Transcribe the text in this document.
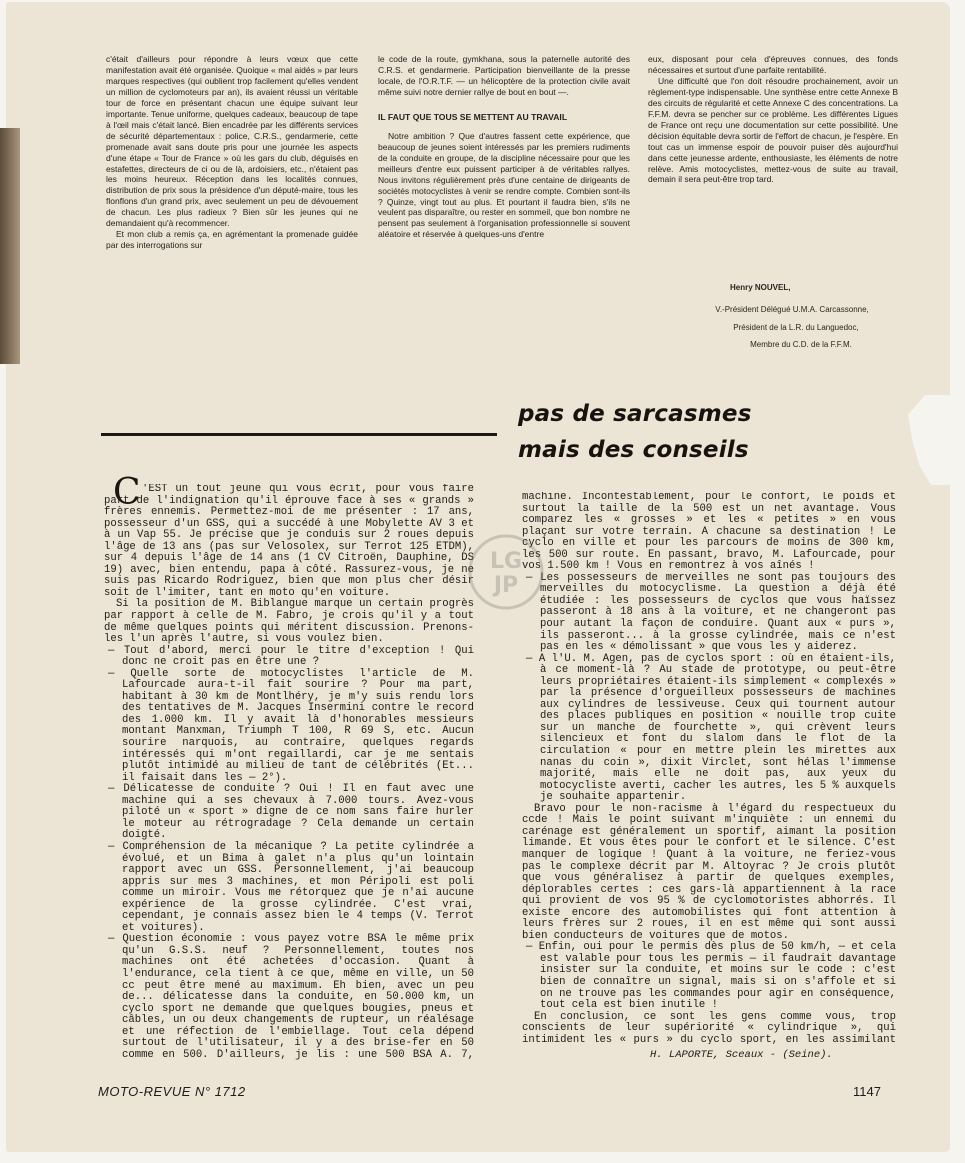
c'était d'ailleurs pour répondre à leurs vœux que cette manifestation avait été organisée. Quoique « mal aidés » par leurs marques respectives (qui oublient trop facilement qu'elles vendent un million de cyclomoteurs par an), ils avaient réussi un véritable tour de force en présentant chacun une équipe suivant leur importante. Tenue uniforme, quelques cadeaux, beaucoup de tape à l'œil mais c'était lancé. Bien encadrée par les différents services de sécurité départementaux : police, C.R.S., gendarmerie, cette promenade avait sans doute pris pour une journée les aspects d'une étape « Tour de France » où les gars du club, déguisés en estafettes, directeurs de ci ou de là, ardoisiers, etc., n'étaient pas les moins heureux. Réception dans les localités connues, distribution de prix sous la présidence d'un député-maire, tous les flonflons d'un grand prix, avec seulement un peu de dévouement de chacun. Les plus radieux ? Bien sûr les jeunes qui ne demandaient qu'à recommencer.

Et mon club a remis ça, en agrémentant la promenade guidée par des interrogations sur

le code de la route, gymkhana, sous la paternelle autorité des C.R.S. et gendarmerie. Participation bienveillante de la presse locale, de l'O.R.T.F. — un hélicoptère de la protection civile avait même suivi notre dernier rallye de bout en bout —.

IL FAUT QUE TOUS SE METTENT AU TRAVAIL

Notre ambition ? Que d'autres fassent cette expérience, que beaucoup de jeunes soient intéressés par les premiers rudiments de la conduite en groupe, de la discipline nécessaire pour que les meilleurs d'entre eux puissent participer à de véritables rallyes. Nous invitons régulièrement près d'une centaine de dirigeants de sociétés motocyclistes à venir se rendre compte. Combien sont-ils ? Quinze, vingt tout au plus. Et pourtant il faudra bien, s'ils ne veulent pas disparaître, ou rester en sommeil, que bon nombre ne pensent pas seulement à l'organisation professionnelle si souvent aléatoire et réservée à quelques-uns d'entre

eux, disposant pour cela d'épreuves connues, des fonds nécessaires et surtout d'une parfaite rentabilité.

Une difficulté que l'on doit résoudre prochainement, avoir un règlement-type indispensable. Une synthèse entre cette Annexe B des circuits de régularité et cette Annexe C des concentrations. La F.F.M. devra se pencher sur ce problème. Les différentes Ligues de France ont reçu une documentation sur cette possibilité. Une décision équitable devra sortir de l'effort de chacun, je l'espère. En tout cas un immense espoir de pouvoir puiser dès aujourd'hui dans cette jeunesse ardente, enthousiaste, les éléments de notre relève. Amis motocyclistes, mettez-vous de suite au travail, demain il sera peut-être trop tard.

Henry NOUVEL,
V.-Président Délégué U.M.A. Carcassonne,
Président de la L.R. du Languedoc,
Membre du C.D. de la F.F.M.
pas de sarcasmes
mais des conseils
C 'EST un tout jeune qui vous écrit, pour vous faire part de l'indignation qu'il éprouve face à ses « grands » frères ennemis. Permettez-moi de me présenter : 17 ans, possesseur d'un GSS, qui a succédé à une Mobylette AV 3 et à un Vap 55. Je précise que je conduis sur 2 roues depuis l'âge de 13 ans (pas sur Velosolex, sur Terrot 125 ETDM), sur 4 depuis l'âge de 14 ans (1 CV Citroën, Dauphine, DS 19) avec, bien entendu, papa à côté. Rassurez-vous, je ne suis pas Ricardo Rodriguez, bien que mon plus cher désir soit de l'imiter, tant en moto qu'en voiture.

Si la position de M. Biblangue marque un certain progrès par rapport à celle de M. Fabro, je crois qu'il y a tout de même quelques points qui méritent discussion. Prenons-les l'un après l'autre, si vous voulez bien.

— Tout d'abord, merci pour le titre d'exception ! Qui donc ne croit pas en être une ?

— Quelle sorte de motocyclistes l'article de M. Lafourcade aura-t-il fait sourire ? Pour ma part, habitant à 30 km de Montlhéry, je m'y suis rendu lors des tentatives de M. Jacques Insermini contre le record des 1.000 km. Il y avait là d'honorables messieurs montant Manxman, Triumph T 100, R 69 S, etc. Aucun sourire narquois, au contraire, quelques regards intéressés qui m'ont regaillardi, car je me sentais plutôt intimidé au milieu de tant de célébrités (Et... il faisait dans les — 2°).

— Délicatesse de conduite ? Oui ! Il en faut avec une machine qui a ses chevaux à 7.000 tours. Avez-vous piloté un « sport » digne de ce nom sans faire hurler le moteur au rétrogradage ? Cela demande un certain doigté.

— Compréhension de la mécanique ? La petite cylindrée a évolué, et un Bima à galet n'a plus qu'un lointain rapport avec un GSS. Personnellement, j'ai beaucoup appris sur mes 3 machines, et mon Péripoli est poli comme un miroir. Vous me rétorquez que je n'ai aucune expérience de la grosse cylindrée. C'est vrai, cependant, je connais assez bien le 4 temps (V. Terrot et voitures).

— Question économie : vous payez votre BSA le même prix qu'un G.S.S. neuf ? Personnellement, toutes nos machines ont été achetées d'occasion. Quant à l'endurance, cela tient à ce que, même en ville, un 50 cc peut être mené au maximum. Eh bien, avec un peu de... délicatesse dans la conduite, en 50.000 km, un cyclo sport ne demande que quelques bougies, pneus et câbles, un ou deux changements de rupteur, un réalésage et une réfection de l'embiellage. Tout cela dépend surtout de l'utilisateur, il y a des brise-fer en 50 comme en 500. D'ailleurs, je lis : une 500 BSA A. 7,

machine. Incontestablement, pour le confort, le poids et surtout la taille de la 500 est un net avantage. Vous comparez les « grosses » et les « petites » en vous plaçant sur votre terrain. A chacune sa destination ! Le cyclo en ville et pour les parcours de moins de 300 km, les 500 sur route. En passant, bravo, M. Lafourcade, pour vos 1.500 km ! Vous en remontrez à vos aînés !

— Les possesseurs de merveilles ne sont pas toujours des merveilles du motocyclisme. La question a déjà été étudiée : les possesseurs de cyclos que vous haïssez passeront à 18 ans à la voiture, et ne changeront pas pour autant la façon de conduire. Quant aux « purs », ils passeront... à la grosse cylindrée, mais ce n'est pas en les « démolissant » que vous les y aiderez.

— A l'U. M. Agen, pas de cyclos sport : où en étaient-ils, à ce moment-là ? Au stade de prototype, ou peut-être leurs propriétaires étaient-ils simplement « complexés » par la présence d'orgueilleux possesseurs de machines aux cylindres de lessiveuse. Ceux qui tournent autour des places publiques en position « nouille trop cuite sur un manche de fourchette », qui crèvent leurs silencieux et font du slalom dans le flot de la circulation « pour en mettre plein les mirettes aux nanas du coin », dixit Virclet, sont hélas l'immense majorité, mais elle ne doit pas, aux yeux du motocycliste averti, cacher les autres, les 5 % auxquels je souhaite appartenir.

Bravo pour le non-racisme à l'égard du respectueux du ccde ! Mais le point suivant m'inquiète : un ennemi du carénage est généralement un sportif, aimant la position limande. Et vous êtes pour le confort et le silence. C'est manquer de logique ! Quant à la voiture, ne feriez-vous pas le complexe décrit par M. Altoyrac ? Je crois plutôt que vous généralisez à partir de quelques exemples, déplorables certes : ces gars-là appartiennent à la race qui provient de vos 95 % de cyclomotoristes abhorrés. Il existe encore des automobilistes qui font attention à leurs frères sur 2 roues, il en est même qui sont aussi bien conducteurs de voitures que de motos.

— Enfin, oui pour le permis dès plus de 50 km/h, — et cela est valable pour tous les permis — il faudrait davantage insister sur la conduite, et moins sur le code : c'est bien de connaître un signal, mais si on s'affole et si on ne trouve pas les commandes pour agir en conséquence, tout cela est bien inutile !

En conclusion, ce sont les gens comme vous, trop conscients de leur supériorité « cylindrique », qui intimident les « purs » du cyclo sport, en les assimilant

H. LAPORTE, Sceaux - (Seine).
LG
JP
MOTO-REVUE N° 1712	1147
